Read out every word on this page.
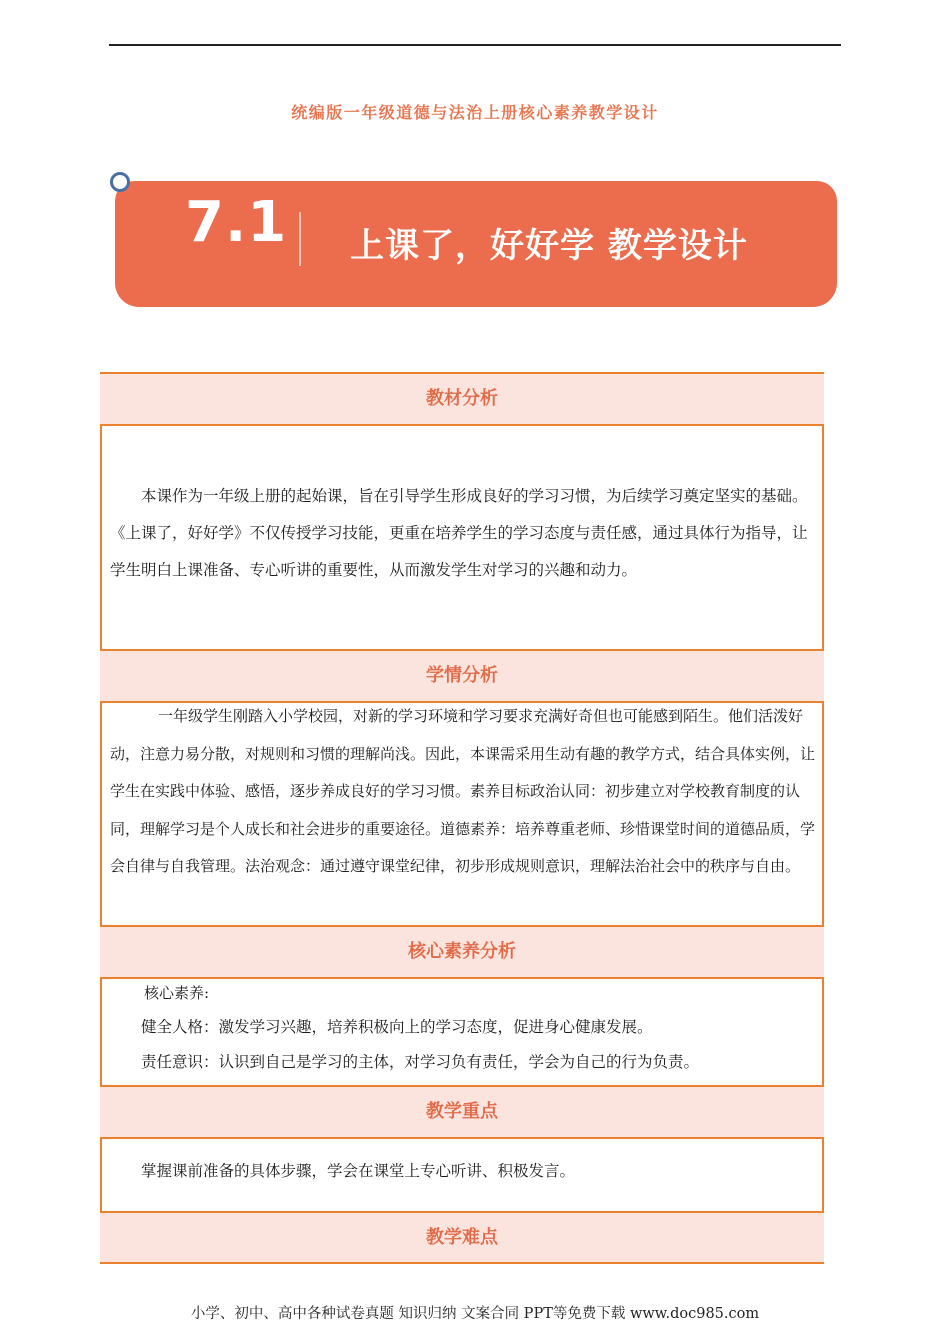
统编版一年级道德与法治上册核心素养教学设计
7.1 上课了，好好学 教学设计
教材分析
本课作为一年级上册的起始课，旨在引导学生形成良好的学习习惯，为后续学习奠定坚实的基础。《上课了，好好学》不仅传授学习技能，更重在培养学生的学习态度与责任感，通过具体行为指导，让学生明白上课准备、专心听讲的重要性，从而激发学生对学习的兴趣和动力。
学情分析
一年级学生刚踏入小学校园，对新的学习环境和学习要求充满好奇但也可能感到陌生。他们活泼好动，注意力易分散，对规则和习惯的理解尚浅。因此，本课需采用生动有趣的教学方式，结合具体实例，让学生在实践中体验、感悟，逐步养成良好的学习习惯。素养目标政治认同：初步建立对学校教育制度的认同，理解学习是个人成长和社会进步的重要途径。道德素养：培养尊重老师、珍惜课堂时间的道德品质，学会自律与自我管理。法治观念：通过遵守课堂纪律，初步形成规则意识，理解法治社会中的秩序与自由。
核心素养分析
核心素养:
健全人格：激发学习兴趣，培养积极向上的学习态度，促进身心健康发展。
责任意识：认识到自己是学习的主体，对学习负有责任，学会为自己的行为负责。
教学重点
掌握课前准备的具体步骤，学会在课堂上专心听讲、积极发言。
教学难点
小学、初中、高中各种试卷真题 知识归纳 文案合同 PPT等免费下载 www.doc985.com
